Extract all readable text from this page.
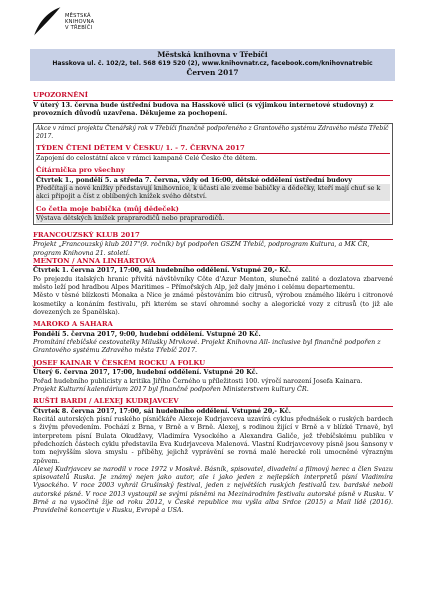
MĚSTSKÁ
KNIHOVNA
V TŘEBÍČI
Městská knihovna v Třebíči
Hasskova ul. č. 102/2, tel. 568 619 520 (2), www.knihovnatr.cz, facebook.com/knihovnatrebic
Červen 2017
UPOZORNĚNÍ

V úterý 13. června bude ústřední budova na Hasskově ulici (s výjimkou internetové studovny) z provozních důvodů uzavřena. Děkujeme za pochopení.

Akce v rámci projektu Čtenářský rok v Třebíči finančně podpořeného z Grantového systému Zdravého města Třebíč 2017.

TÝDEN ČTENÍ DĚTEM V ČESKU/ 1. - 7. ČERVNA 2017

Zapojení do celostátní akce v rámci kampaně Celé Česko čte dětem.

Čítárnička pro všechny

Čtvrtek 1., pondělí 5. a středa 7. června, vždy od 16:00, dětské oddělení ústřední budovy

Předčítají a nové knížky představují knihovnice, k účasti ale zveme babičky a dědečky, kteří mají chuť se k akci připojit a číst z oblíbených knížek svého dětství.

Co četla moje babička (můj dědeček)

Výstava dětských knížek praprarodičů nebo praprarodičů.

FRANCOUZSKÝ KLUB 2017

Projekt „Francouzský klub 2017"(9. ročník) byl podpořen GSZM Třebíč, podprogram Kultura, a MK ČR, program Knihovna 21. století.

MENTON / ANNA LINHARTOVÁ

Čtvrtek 1. června 2017, 17:00, sál hudebního oddělení. Vstupné 20,- Kč.

Po prejezdu italských hranic přivítá návštěvníky Côte d'Azur Menton, slunečné zalité a dozlatova zbarvené město leží pod hradbou Alpes Maritimes – Přímořských Alp, jež daly jméno i celému departementu.

Město v těsné blízkosti Monaka a Nice je známé pěstováním bio citrusů, výrobou známého likéru i citronové kosmetiky a konáním festivalu, při kterém se staví ohromné sochy a alegorické vozy z citrusů (to již ale dovezených ze Španělska).

MAROKO A SAHARA

Pondělí 5. června 2017, 9:00, hudební oddělení. Vstupné 20 Kč.

Promítání třebíčské cestovatelky Milušky Mrvkové. Projekt Knihovna All- inclusive byl finančně podpořen z Grantového systému Zdravého města Třebíč 2017.

JOSEF KAINAR V ČESKÉM ROCKU A FOLKU

Úterý 6. června 2017, 17:00, hudební oddělení. Vstupné 20 Kč.

Pořad hudebního publicisty a kritika Jiřího Černého u příležitosti 100. výročí narození Josefa Kainara.

Projekt Kulturní kalendárium 2017 byl finančně podpořen Ministerstvem kultury ČR.

RUŠTÍ BARDI / ALEXEJ KUDRJAVCEV

Čtvrtek 8. června 2017, 17:00, sál hudebního oddělení. Vstupné 20,- Kč.

Recitál autorských písní ruského písničkáře Alexeje Kudrjavceva uzavírá cyklus přednášek o ruských bardech s živým převedením. Pochází z Brna, v Brně a v Brně. Alexej, s rodinou žijící v Brně a v blízké Trnavě, byl interpretem písní Bulata Okudžavy, Vladimíra Vysockého a Alexandra Galiče, jež třebíčskému publiku v předchozích částech cyklu představila Eva Kudrjavceva Malenová. Vlastní Kudrjavcevovy písně jsou šansony v tom nejvyšším slova smyslu - příběhy, jejichž vyprávění se rovná malé herecké roli umocněné výrazným zpěvem.

Alexej Kudrjavcev se narodil v roce 1972 v Moskvě. Básník, spisovatel, divadelní a filmový herec a člen Svazu spisovatelů Ruska. Je známý nejen jako autor, ale i jako jeden z nejlepších interpretů písní Vladimíra Vysockého. V roce 2003 vyhrál Grušinský festival, jeden z největších ruských festivalů tzv. bardské neboli autorské písně. V roce 2013 vystoupil se svými písněmi na Mezinárodním festivalu autorské písně v Rusku. V Brně a na vysočině žije od roku 2012, v České republice mu vyšla alba Srdce (2015) a Mail lídě (2016). Pravidelně koncertuje v Rusku, Evropě a USA.
